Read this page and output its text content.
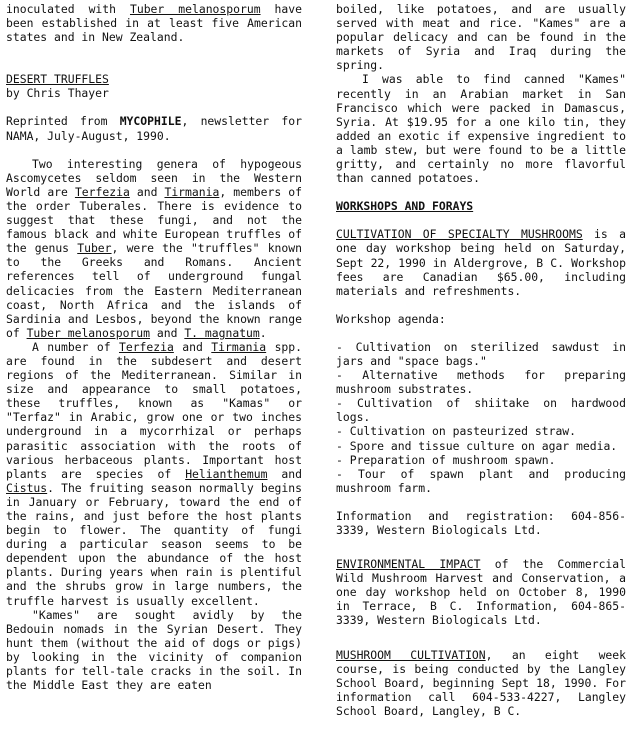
inoculated with Tuber melanosporum have been established in at least five American states and in New Zealand.

DESERT TRUFFLES

by Chris Thayer

Reprinted from MYCOPHILE, newsletter for NAMA, July-August, 1990.

Two interesting genera of hypogeous Ascomycetes seldom seen in the Western World are Terfezia and Tirmania, members of the order Tuberales. There is evidence to suggest that these fungi, and not the famous black and white European truffles of the genus Tuber, were the "truffles" known to the Greeks and Romans. Ancient references tell of underground fungal delicacies from the Eastern Mediterranean coast, North Africa and the islands of Sardinia and Lesbos, beyond the known range of Tuber melanosporum and T. magnatum.

A number of Terfezia and Tirmania spp. are found in the subdesert and desert regions of the Mediterranean. Similar in size and appearance to small potatoes, these truffles, known as "Kamas" or "Terfaz" in Arabic, grow one or two inches underground in a mycorrhizal or perhaps parasitic association with the roots of various herbaceous plants. Important host plants are species of Helianthemum and Cistus. The fruiting season normally begins in January or February, toward the end of the rains, and just before the host plants begin to flower. The quantity of fungi during a particular season seems to be dependent upon the abundance of the host plants. During years when rain is plentiful and the shrubs grow in large numbers, the truffle harvest is usually excellent.

"Kames" are sought avidly by the Bedouin nomads in the Syrian Desert. They hunt them (without the aid of dogs or pigs) by looking in the vicinity of companion plants for tell-tale cracks in the soil. In the Middle East they are eaten

boiled, like potatoes, and are usually served with meat and rice. "Kames" are a popular delicacy and can be found in the markets of Syria and Iraq during the spring.

I was able to find canned "Kames" recently in an Arabian market in San Francisco which were packed in Damascus, Syria. At $19.95 for a one kilo tin, they added an exotic if expensive ingredient to a lamb stew, but were found to be a little gritty, and certainly no more flavorful than canned potatoes.

WORKSHOPS AND FORAYS

CULTIVATION OF SPECIALTY MUSHROOMS is a one day workshop being held on Saturday, Sept 22, 1990 in Aldergrove, B C. Workshop fees are Canadian $65.00, including materials and refreshments.

Workshop agenda:

- Cultivation on sterilized sawdust in jars and "space bags."

- Alternative methods for preparing mushroom substrates.

- Cultivation of shiitake on hardwood logs.

- Cultivation on pasteurized straw.

- Spore and tissue culture on agar media.

- Preparation of mushroom spawn.

- Tour of spawn plant and producing mushroom farm.

Information and registration: 604-856-3339, Western Biologicals Ltd.

ENVIRONMENTAL IMPACT of the Commercial Wild Mushroom Harvest and Conservation, a one day workshop held on October 8, 1990 in Terrace, B C. Information, 604-865-3339, Western Biologicals Ltd.

MUSHROOM CULTIVATION, an eight week course, is being conducted by the Langley School Board, beginning Sept 18, 1990. For information call 604-533-4227, Langley School Board, Langley, B C.
